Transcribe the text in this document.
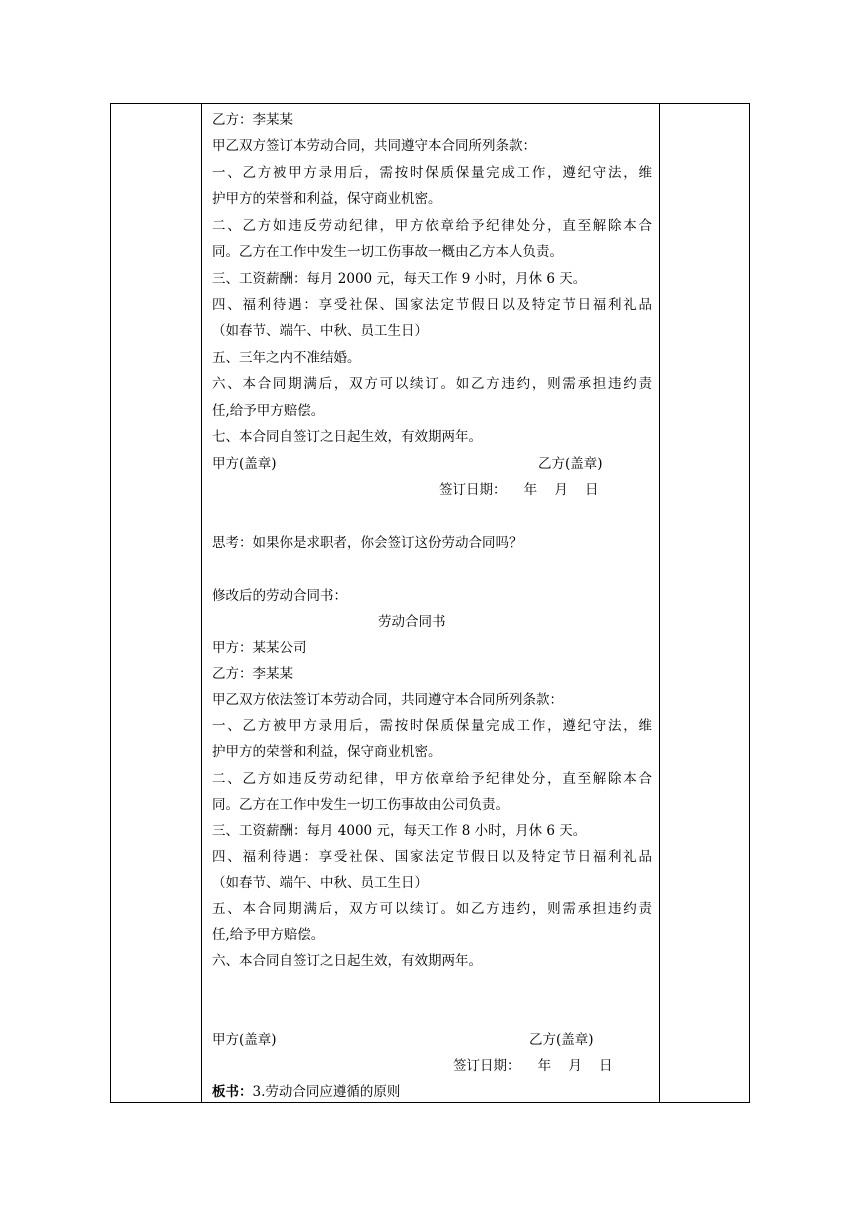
乙方：李某某
甲乙双方签订本劳动合同，共同遵守本合同所列条款：
一、乙方被甲方录用后，需按时保质保量完成工作，遵纪守法，维
护甲方的荣誉和利益，保守商业机密。
二、乙方如违反劳动纪律，甲方依章给予纪律处分，直至解除本合
同。乙方在工作中发生一切工伤事故一概由乙方本人负责。
三、工资薪酬：每月 2000 元，每天工作 9 小时，月休 6 天。
四、福利待遇：享受社保、国家法定节假日以及特定节日福利礼品
（如春节、端午、中秋、员工生日）
五、三年之内不准结婚。
六、本合同期满后，双方可以续订。如乙方违约，则需承担违约责
任,给予甲方赔偿。
七、本合同自签订之日起生效，有效期两年。
甲方(盖章)	乙方(盖章)
签订日期：    年    月    日
思考：如果你是求职者，你会签订这份劳动合同吗？
修改后的劳动合同书：
劳动合同书
甲方：某某公司
乙方：李某某
甲乙双方依法签订本劳动合同，共同遵守本合同所列条款：
一、乙方被甲方录用后，需按时保质保量完成工作，遵纪守法，维
护甲方的荣誉和利益，保守商业机密。
二、乙方如违反劳动纪律，甲方依章给予纪律处分，直至解除本合
同。乙方在工作中发生一切工伤事故由公司负责。
三、工资薪酬：每月 4000 元，每天工作 8 小时，月休 6 天。
四、福利待遇：享受社保、国家法定节假日以及特定节日福利礼品
（如春节、端午、中秋、员工生日）
五、本合同期满后，双方可以续订。如乙方违约，则需承担违约责
任,给予甲方赔偿。
六、本合同自签订之日起生效，有效期两年。
甲方(盖章)	乙方(盖章)
签订日期：    年    月    日
板书：3.劳动合同应遵循的原则
